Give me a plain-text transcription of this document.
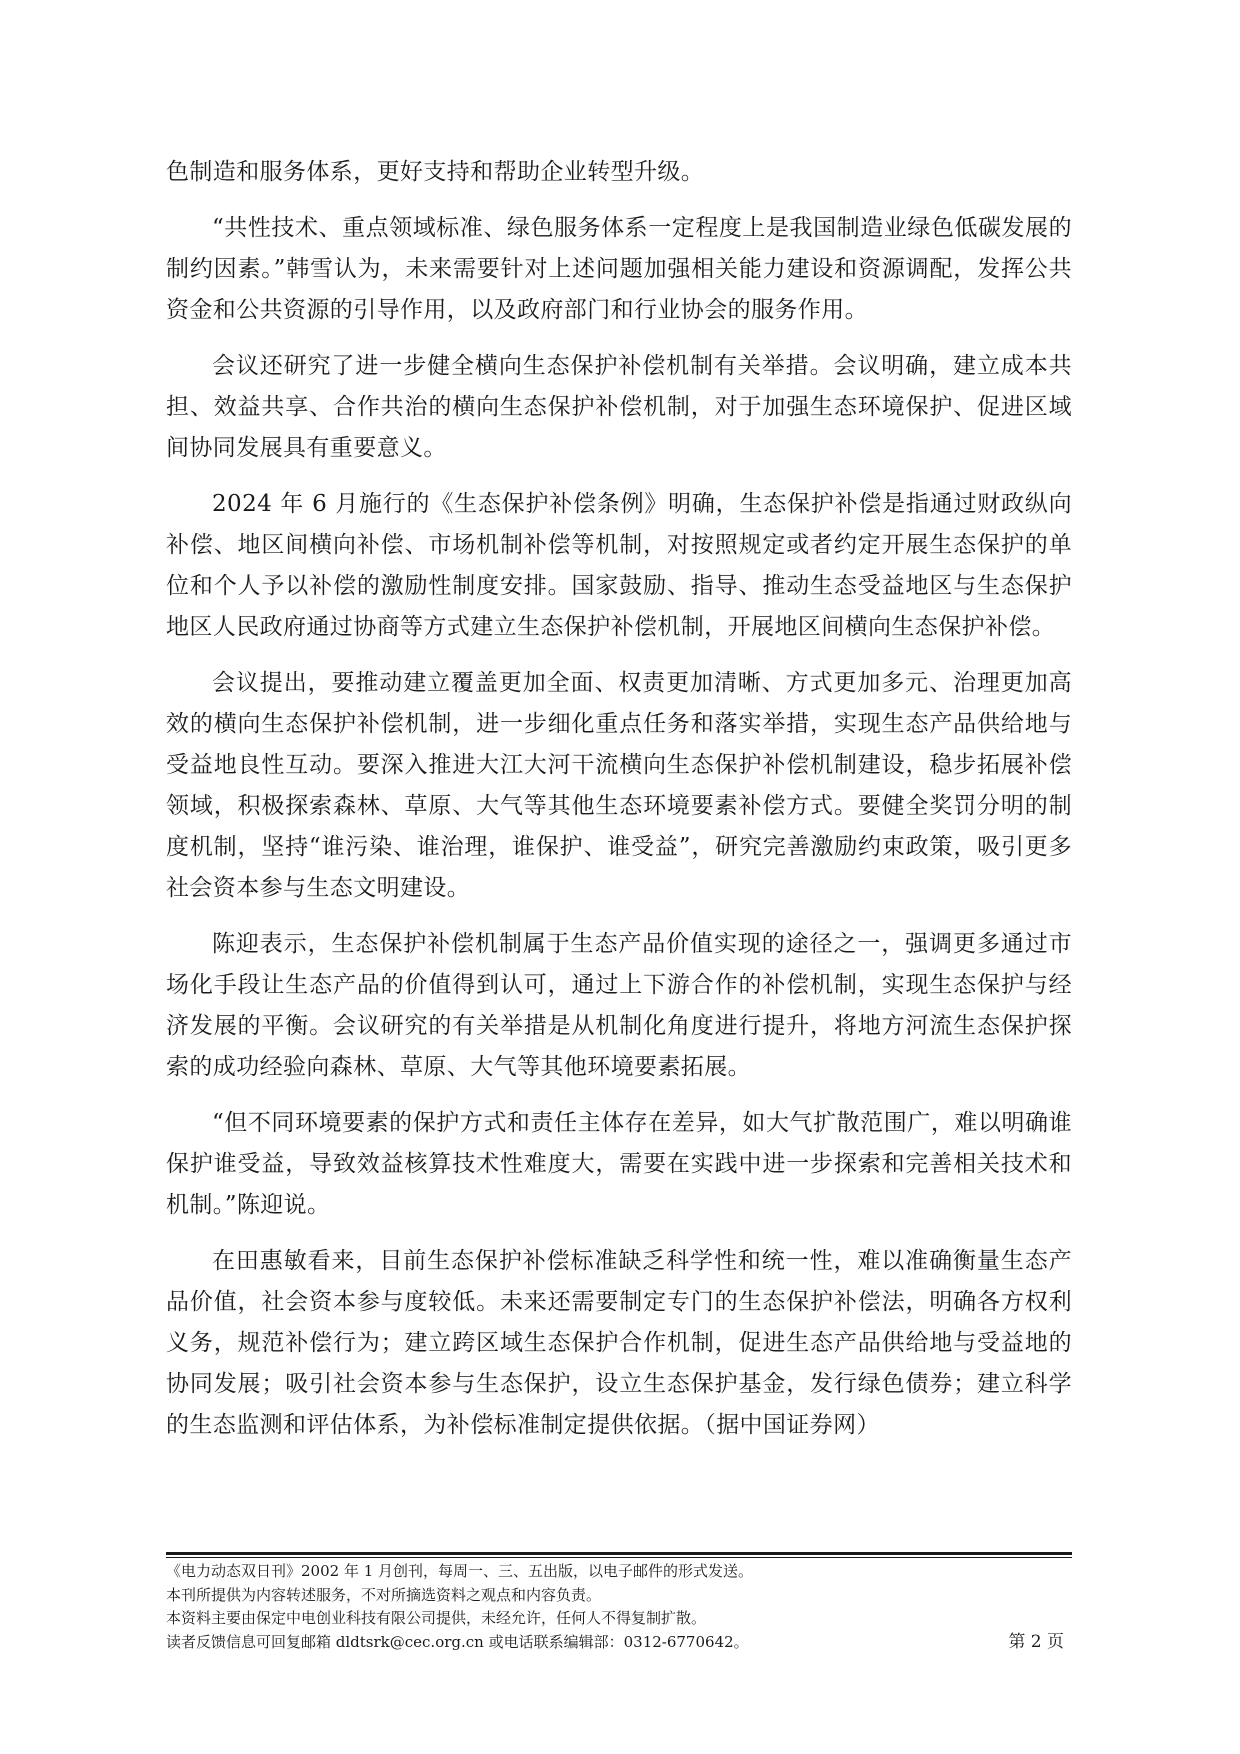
色制造和服务体系，更好支持和帮助企业转型升级。

“共性技术、重点领域标准、绿色服务体系一定程度上是我国制造业绿色低碳发展的制约因素。”韩雪认为，未来需要针对上述问题加强相关能力建设和资源调配，发挥公共资金和公共资源的引导作用，以及政府部门和行业协会的服务作用。

会议还研究了进一步健全横向生态保护补偿机制有关举措。会议明确，建立成本共担、效益共享、合作共治的横向生态保护补偿机制，对于加强生态环境保护、促进区域间协同发展具有重要意义。

2024 年 6 月施行的《生态保护补偿条例》明确，生态保护补偿是指通过财政纵向补偿、地区间横向补偿、市场机制补偿等机制，对按照规定或者约定开展生态保护的单位和个人予以补偿的激励性制度安排。国家鼓励、指导、推动生态受益地区与生态保护地区人民政府通过协商等方式建立生态保护补偿机制，开展地区间横向生态保护补偿。

会议提出，要推动建立覆盖更加全面、权责更加清晰、方式更加多元、治理更加高效的横向生态保护补偿机制，进一步细化重点任务和落实举措，实现生态产品供给地与受益地良性互动。要深入推进大江大河干流横向生态保护补偿机制建设，稳步拓展补偿领域，积极探索森林、草原、大气等其他生态环境要素补偿方式。要健全奖罚分明的制度机制，坚持“谁污染、谁治理，谁保护、谁受益”，研究完善激励约束政策，吸引更多社会资本参与生态文明建设。

陈迎表示，生态保护补偿机制属于生态产品价值实现的途径之一，强调更多通过市场化手段让生态产品的价值得到认可，通过上下游合作的补偿机制，实现生态保护与经济发展的平衡。会议研究的有关举措是从机制化角度进行提升，将地方河流生态保护探索的成功经验向森林、草原、大气等其他环境要素拓展。

“但不同环境要素的保护方式和责任主体存在差异，如大气扩散范围广，难以明确谁保护谁受益，导致效益核算技术性难度大，需要在实践中进一步探索和完善相关技术和机制。”陈迎说。

在田惠敏看来，目前生态保护补偿标准缺乏科学性和统一性，难以准确衡量生态产品价值，社会资本参与度较低。未来还需要制定专门的生态保护补偿法，明确各方权利义务，规范补偿行为；建立跨区域生态保护合作机制，促进生态产品供给地与受益地的协同发展；吸引社会资本参与生态保护，设立生态保护基金，发行绿色债券；建立科学的生态监测和评估体系，为补偿标准制定提供依据。（据中国证券网）

《电力动态双日刊》2002 年 1 月创刊，每周一、三、五出版，以电子邮件的形式发送。
本刊所提供为内容转述服务，不对所摘选资料之观点和内容负责。
本资料主要由保定中电创业科技有限公司提供，未经允许，任何人不得复制扩散。
读者反馈信息可回复邮箱 dldtsrk@cec.org.cn 或电话联系编辑部：0312-6770642。	第 2 页
